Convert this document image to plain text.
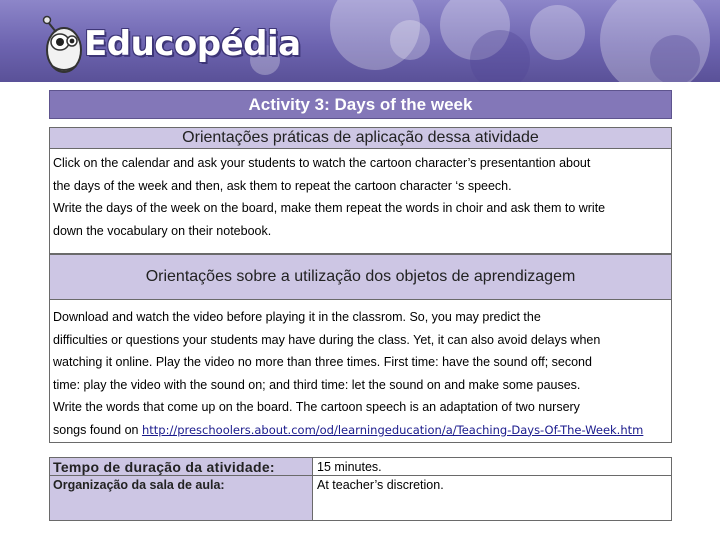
Educopédia
Activity 3: Days of the week
Orientações práticas de aplicação dessa atividade

Click on the calendar and ask your students to watch the cartoon character’s presentantion about

the days of the week and then, ask them to repeat the cartoon character ‘s speech.

Write the days of the week on the board, make them repeat the words in choir and ask them to write

down the vocabulary on their notebook.

Orientações sobre a utilização dos objetos de aprendizagem

Download and watch the video before playing it in the classrom. So, you may predict the

difficulties or questions your students may have during the class. Yet, it can also avoid delays when

watching it online. Play the video no more than three times. First time: have the sound off; second

time: play the video with the sound on; and third time: let the sound on and make some pauses.

Write the words that come up on the board. The cartoon speech is an adaptation of two nursery

songs found on http://preschoolers.about.com/od/learningeducation/a/Teaching-Days-Of-The-Week.htm

Tempo de duração da atividade:	15 minutes.
Organização da sala de aula:	At teacher’s discretion.
